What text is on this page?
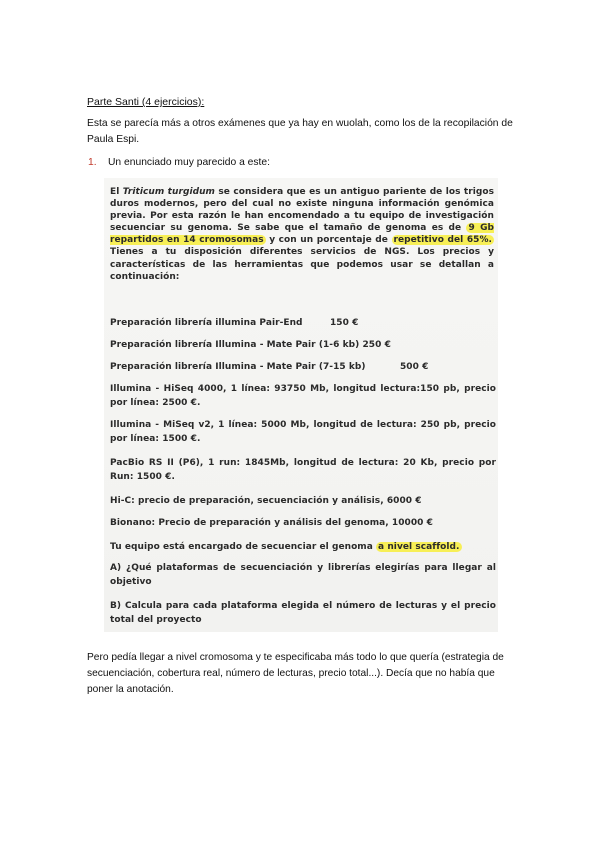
Parte Santi (4 ejercicios):
Esta se parecía más a otros exámenes que ya hay en wuolah, como los de la recopilación de Paula Espi.
1. Un enunciado muy parecido a este:
El Triticum turgidum se considera que es un antiguo pariente de los trigos duros modernos, pero del cual no existe ninguna información genómica previa. Por esta razón le han encomendado a tu equipo de investigación secuenciar su genoma. Se sabe que el tamaño de genoma es de 9 Gb repartidos en 14 cromosomas y con un porcentaje de repetitivo del 65%. Tienes a tu disposición diferentes servicios de NGS. Los precios y características de las herramientas que podemos usar se detallan a continuación:
Preparación librería illumina Pair-End	150 €
Preparación librería Illumina - Mate Pair (1-6 kb) 250 €
Preparación librería Illumina - Mate Pair (7-15 kb)	500 €
Illumina - HiSeq 4000, 1 línea: 93750 Mb, longitud lectura:150 pb, precio por línea: 2500 €.
Illumina - MiSeq v2, 1 línea: 5000 Mb, longitud de lectura: 250 pb, precio por línea: 1500 €.
PacBio RS II (P6), 1 run: 1845Mb, longitud de lectura: 20 Kb, precio por Run: 1500 €.
Hi-C: precio de preparación, secuenciación y análisis, 6000 €
Bionano: Precio de preparación y análisis del genoma, 10000 €
Tu equipo está encargado de secuenciar el genoma a nivel scaffold.
A) ¿Qué plataformas de secuenciación y librerías elegirías para llegar al objetivo
B) Calcula para cada plataforma elegida el número de lecturas y el precio total del proyecto
Pero pedía llegar a nivel cromosoma y te especificaba más todo lo que quería (estrategia de secuenciación, cobertura real, número de lecturas, precio total...). Decía que no había que poner la anotación.
